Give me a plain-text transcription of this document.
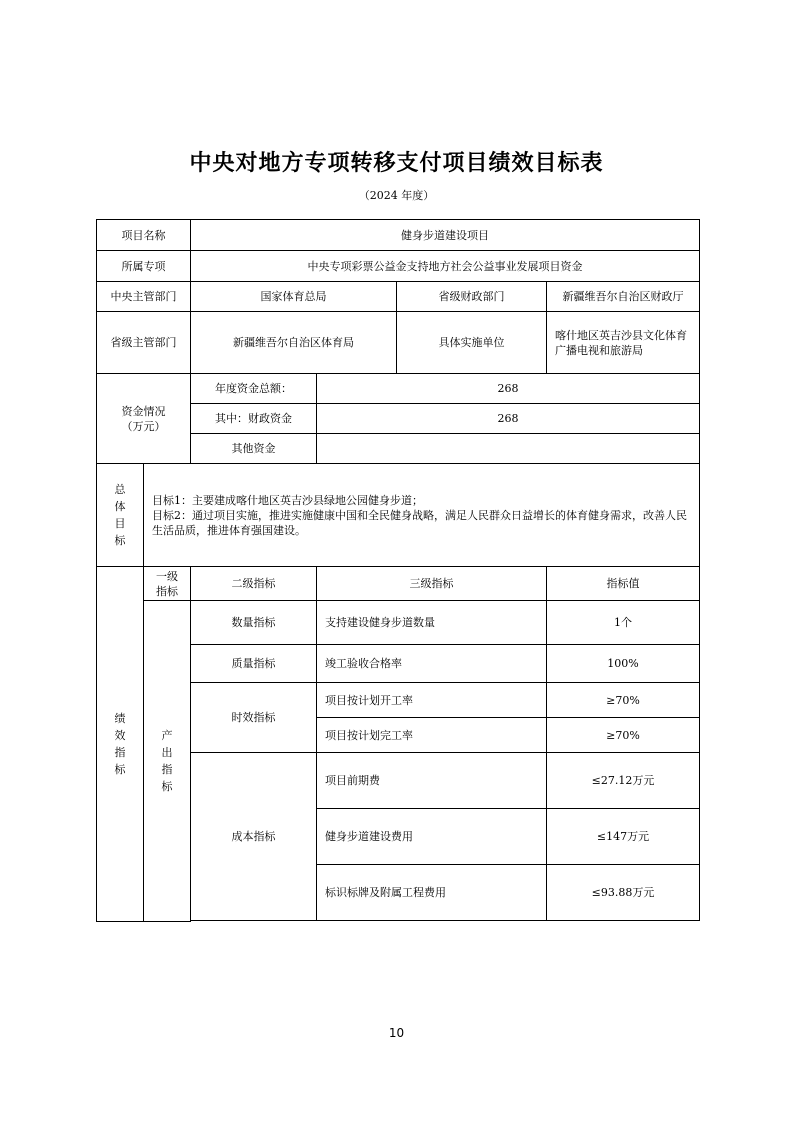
中央对地方专项转移支付项目绩效目标表
（2024 年度）
项目名称		健身步道建设项目			
所属专项		中央专项彩票公益金支持地方社会公益事业发展项目资金			
中央主管部门		国家体育总局		省级财政部门	新疆维吾尔自治区财政厅
省级主管部门		新疆维吾尔自治区体育局		具体实施单位	喀什地区英吉沙县文化体育广播电视和旅游局

资金情况
（万元）		年度资金总额：	268		
		其中：财政资金	268		
		其他资金			

总体目标	目标1：主要建成喀什地区英吉沙县绿地公园健身步道；
目标2：通过项目实施，推进实施健康中国和全民健身战略，满足人民群众日益增长的体育健身需求，改善人民生活品质，推进体育强国建设。				

绩效指标	一级指标	二级指标	三级指标		指标值

	产出指标	数量指标	支持建设健身步道数量		1个
		质量指标	竣工验收合格率		100%
		时效指标	项目按计划开工率		≥70%
			项目按计划完工率		≥70%
		成本指标	项目前期费		≤27.12万元
			健身步道建设费用		≤147万元
			标识标牌及附属工程费用		≤93.88万元

10
